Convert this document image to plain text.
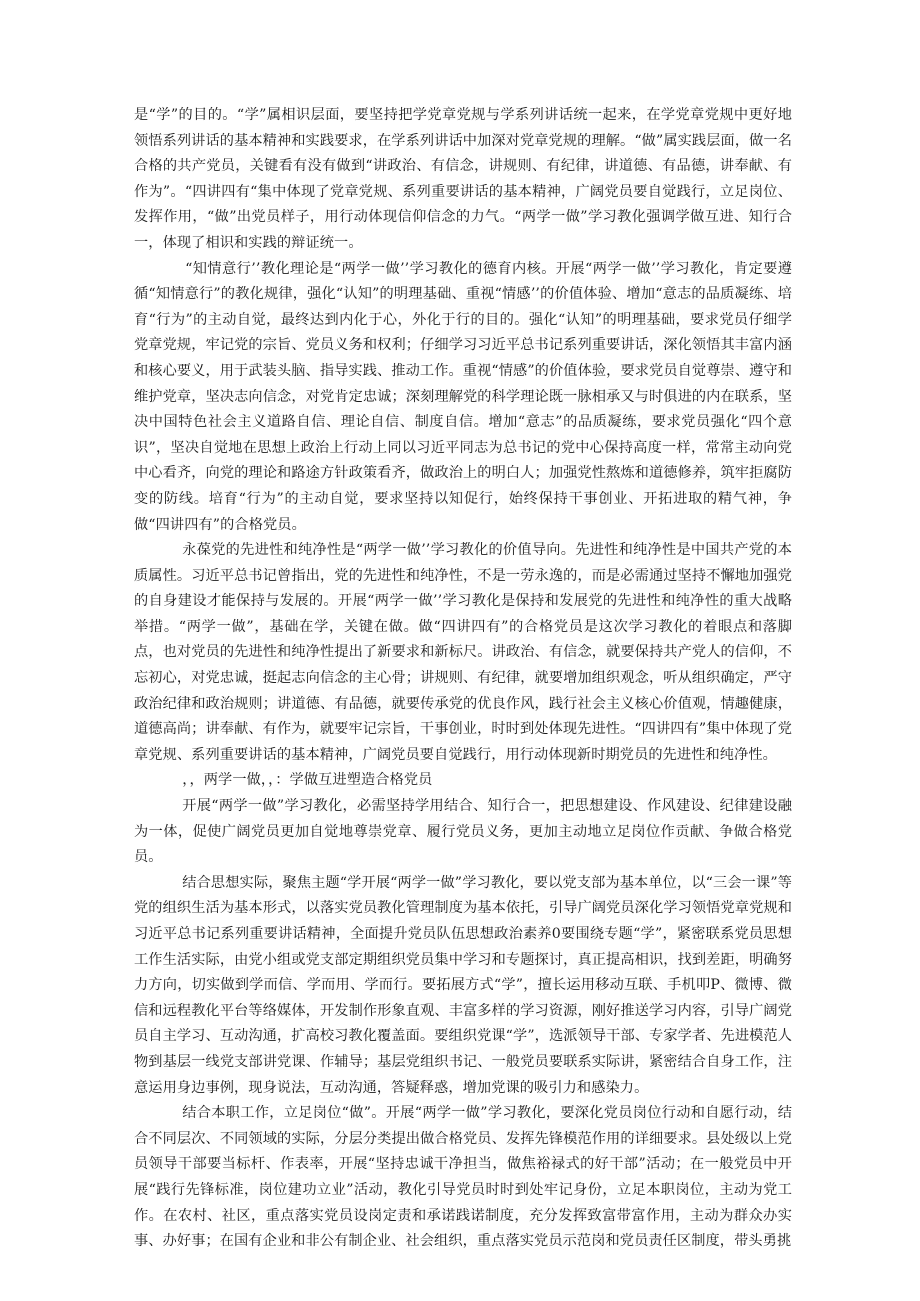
是“学”的目的。“学”属相识层面，要坚持把学党章党规与学系列讲话统一起来，在学党章党规中更好地领悟系列讲话的基本精神和实践要求，在学系列讲话中加深对党章党规的理解。“做”属实践层面，做一名合格的共产党员，关键看有没有做到“讲政治、有信念，讲规则、有纪律，讲道德、有品德，讲奉献、有作为”。“四讲四有“集中体现了党章党规、系列重要讲话的基本精神，广阔党员要自觉践行，立足岗位、发挥作用，“做”出党员样子，用行动体现信仰信念的力气。“两学一做”学习教化强调学做互进、知行合一，体现了相识和实践的辩证统一。

“知情意行’’教化理论是“两学一做’’学习教化的德育内核。开展“两学一做’’学习教化，肯定要遵循“知情意行”的教化规律，强化“认知”的明理基础、重视“情感’’的价值体验、增加“意志的品质凝练、培育“行为”的主动自觉，最终达到内化于心，外化于行的目的。强化“认知”的明理基础，要求党员仔细学党章党规，牢记党的宗旨、党员义务和权利；仔细学习习近平总书记系列重要讲话，深化领悟其丰富内涵和核心要义，用于武装头脑、指导实践、推动工作。重视“情感”的价值体验，要求党员自觉尊崇、遵守和维护党章，坚决志向信念，对党肯定忠诚；深刻理解党的科学理论既一脉相承又与时俱进的内在联系，坚决中国特色社会主义道路自信、理论自信、制度自信。增加“意志”的品质凝练，要求党员强化“四个意识”，坚决自觉地在思想上政治上行动上同以习近平同志为总书记的党中心保持高度一样，常常主动向党中心看齐，向党的理论和路途方针政策看齐，做政治上的明白人；加强党性熬炼和道德修养，筑牢拒腐防变的防线。培育“行为”的主动自觉，要求坚持以知促行，始终保持干事创业、开拓进取的精气神，争做“四讲四有”的合格党员。

永葆党的先进性和纯净性是“两学一做’’学习教化的价值导向。先进性和纯净性是中国共产党的本质属性。习近平总书记曾指出，党的先进性和纯净性，不是一劳永逸的，而是必需通过坚持不懈地加强党的自身建设才能保持与发展的。开展“两学一做’’学习教化是保持和发展党的先进性和纯净性的重大战略举措。“两学一做”，基础在学，关键在做。做“四讲四有”的合格党员是这次学习教化的着眼点和落脚点，也对党员的先进性和纯净性提出了新要求和新标尺。讲政治、有信念，就要保持共产党人的信仰，不忘初心，对党忠诚，挺起志向信念的主心骨；讲规则、有纪律，就要增加组织观念，听从组织确定，严守政治纪律和政治规则；讲道德、有品德，就要传承党的优良作风，践行社会主义核心价值观，情趣健康，道德高尚；讲奉献、有作为，就要牢记宗旨，干事创业，时时到处体现先进性。“四讲四有”集中体现了党章党规、系列重要讲话的基本精神，广阔党员要自觉践行，用行动体现新时期党员的先进性和纯净性。

，，两学一做，，：学做互进塑造合格党员

开展“两学一做”学习教化，必需坚持学用结合、知行合一，把思想建设、作风建设、纪律建设融为一体，促使广阔党员更加自觉地尊崇党章、履行党员义务，更加主动地立足岗位作贡献、争做合格党员。

结合思想实际，聚焦主题“学开展“两学一做”学习教化，要以党支部为基本单位，以“三会一课”等党的组织生活为基本形式，以落实党员教化管理制度为基本依托，引导广阔党员深化学习领悟党章党规和习近平总书记系列重要讲话精神，全面提升党员队伍思想政治素养0要围绕专题“学”，紧密联系党员思想工作生活实际，由党小组或党支部定期组织党员集中学习和专题探讨，真正提高相识，找到差距，明确努力方向，切实做到学而信、学而用、学而行。要拓展方式“学”，擅长运用移动互联、手机叩P、微博、微信和远程教化平台等络媒体，开发制作形象直观、丰富多样的学习资源，刚好推送学习内容，引导广阔党员自主学习、互动沟通，扩高校习教化覆盖面。要组织党课“学”，选派领导干部、专家学者、先进模范人物到基层一线党支部讲党课、作辅导；基层党组织书记、一般党员要联系实际讲，紧密结合自身工作，注意运用身边事例，现身说法，互动沟通，答疑释惑，增加党课的吸引力和感染力。

结合本职工作，立足岗位“做”。开展“两学一做”学习教化，要深化党员岗位行动和自愿行动，结合不同层次、不同领域的实际，分层分类提出做合格党员、发挥先锋模范作用的详细要求。县处级以上党员领导干部要当标杆、作表率，开展“坚持忠诚干净担当，做焦裕禄式的好干部”活动；在一般党员中开展“践行先锋标准，岗位建功立业”活动，教化引导党员时时到处牢记身份，立足本职岗位，主动为党工作。在农村、社区，重点落实党员设岗定责和承诺践诺制度，充分发挥致富带富作用，主动为群众办实事、办好事；在国有企业和非公有制企业、社会组织，重点落实党员示范岗和党员责任区制度，带头勇挑
